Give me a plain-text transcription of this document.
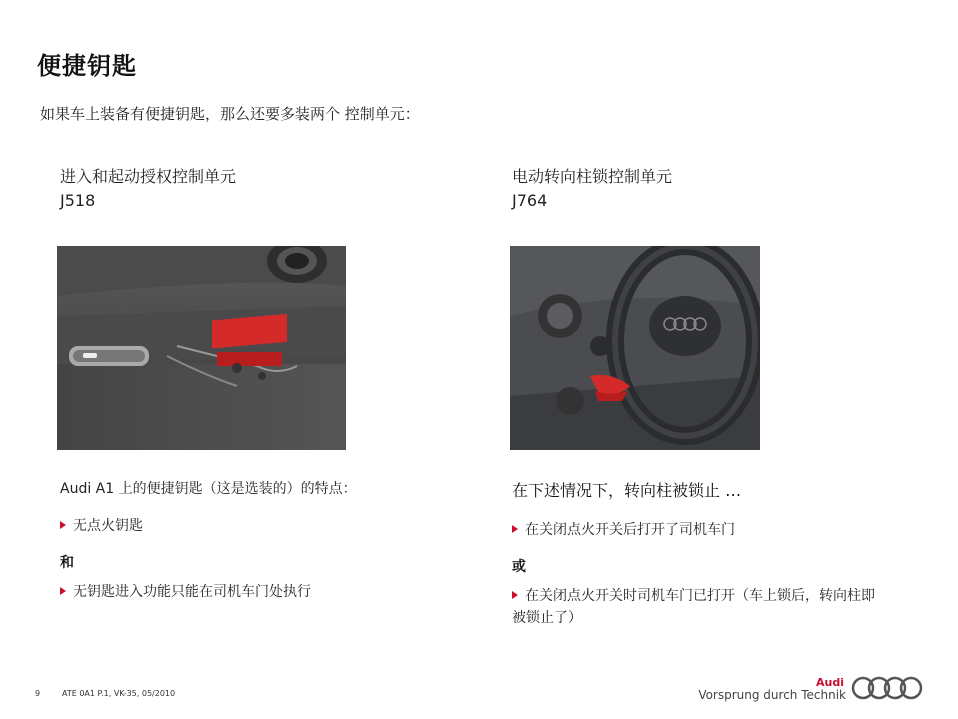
便捷钥匙
如果车上装备有便捷钥匙，那么还要多装两个 控制单元：
进入和起动授权控制单元
J518
Audi A1 上的便捷钥匙（这是选装的）的特点：
无点火钥匙
和
无钥匙进入功能只能在司机车门处执行
电动转向柱锁控制单元
J764
在下述情况下，转向柱被锁止 …
在关闭点火开关后打开了司机车门
或
在关闭点火开关时司机车门已打开（车上锁后，转向柱即
被锁止了）
9	ATE 0A1 P.1, VK-35, 05/2010
Audi
Vorsprung durch Technik
